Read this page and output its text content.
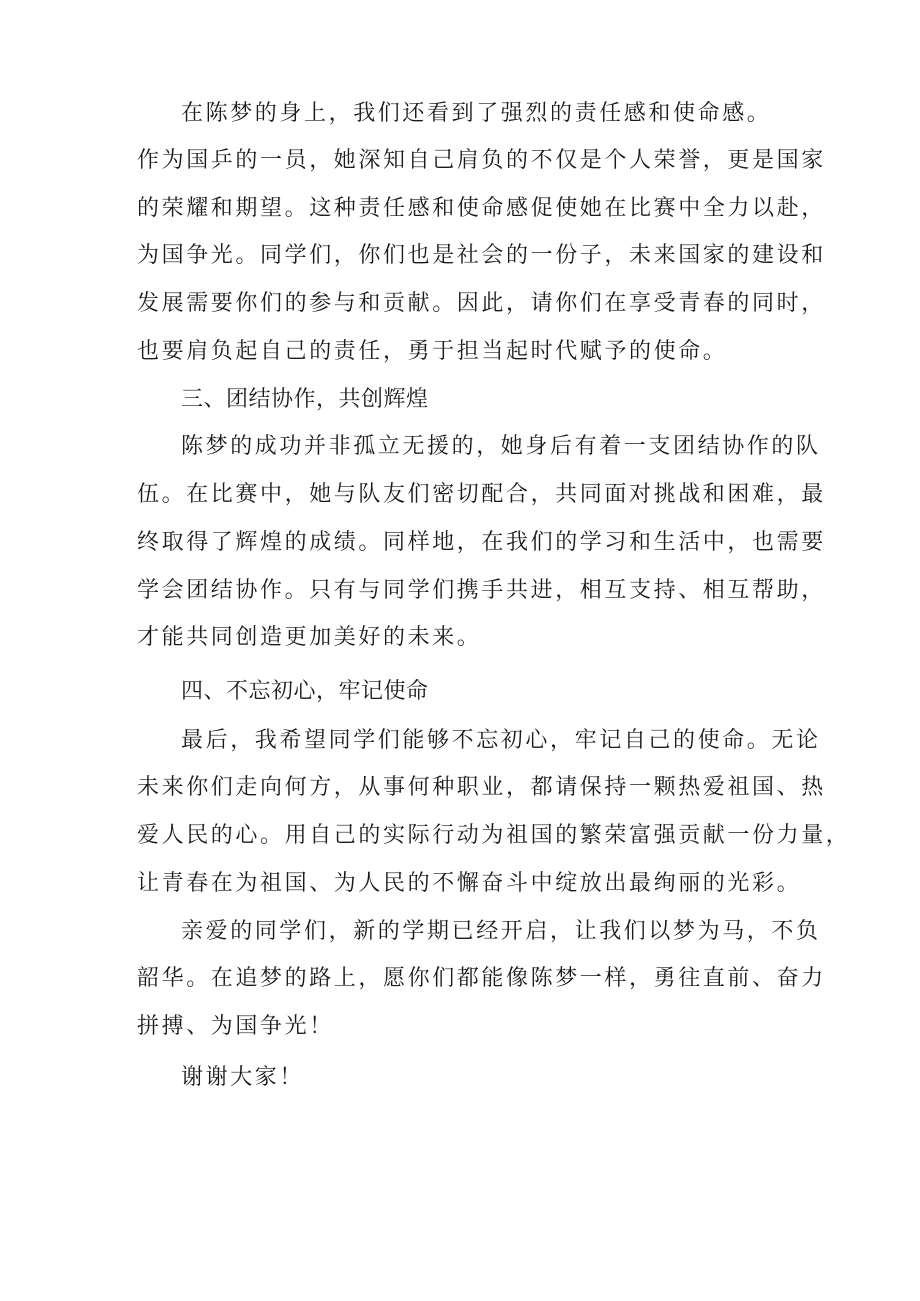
在陈梦的身上，我们还看到了强烈的责任感和使命感。
作为国乒的一员，她深知自己肩负的不仅是个人荣誉，更是国家
的荣耀和期望。这种责任感和使命感促使她在比赛中全力以赴，
为国争光。同学们，你们也是社会的一份子，未来国家的建设和
发展需要你们的参与和贡献。因此，请你们在享受青春的同时，
也要肩负起自己的责任，勇于担当起时代赋予的使命。
三、团结协作，共创辉煌
陈梦的成功并非孤立无援的，她身后有着一支团结协作的队
伍。在比赛中，她与队友们密切配合，共同面对挑战和困难，最
终取得了辉煌的成绩。同样地，在我们的学习和生活中，也需要
学会团结协作。只有与同学们携手共进，相互支持、相互帮助，
才能共同创造更加美好的未来。
四、不忘初心，牢记使命
最后，我希望同学们能够不忘初心，牢记自己的使命。无论
未来你们走向何方，从事何种职业，都请保持一颗热爱祖国、热
爱人民的心。用自己的实际行动为祖国的繁荣富强贡献一份力量，
让青春在为祖国、为人民的不懈奋斗中绽放出最绚丽的光彩。
亲爱的同学们，新的学期已经开启，让我们以梦为马，不负
韶华。在追梦的路上，愿你们都能像陈梦一样，勇往直前、奋力
拼搏、为国争光！
谢谢大家！
